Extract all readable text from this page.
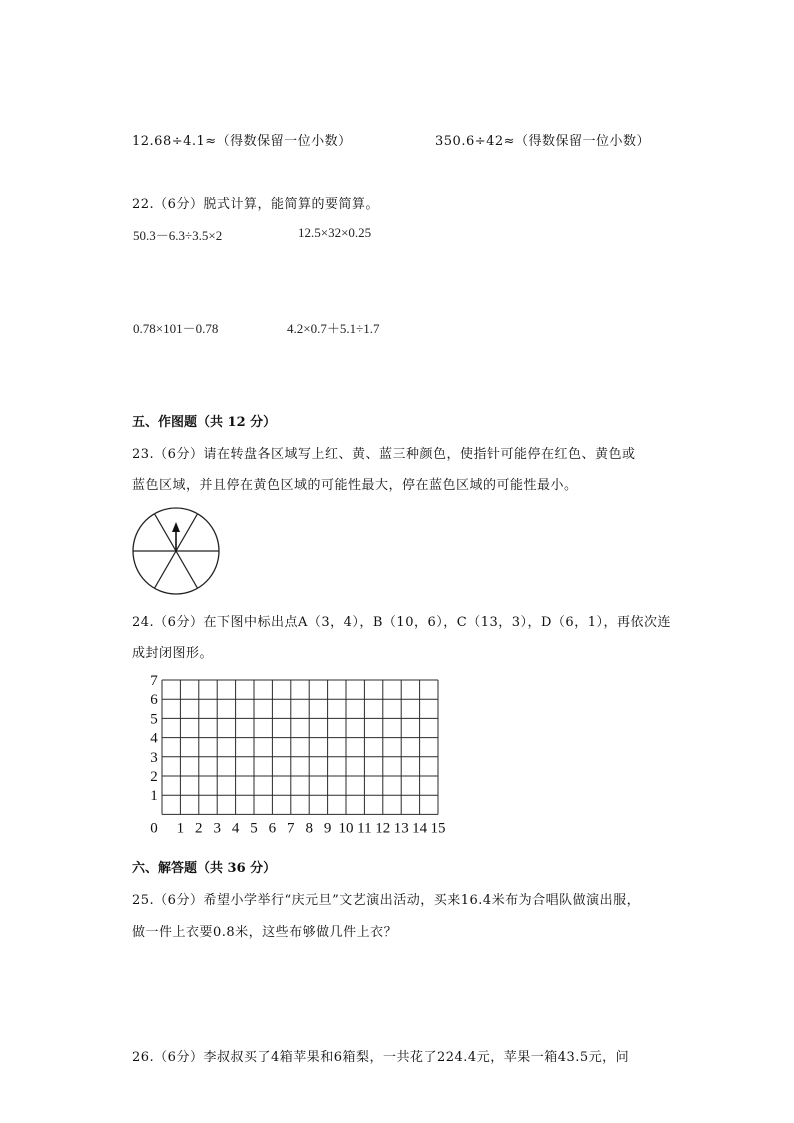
12.68÷4.1≈（得数保留一位小数）	350.6÷42≈（得数保留一位小数）
22.（6分）脱式计算，能简算的要简算。
50.3－6.3÷3.5×2	12.5×32×0.25
0.78×101－0.78	4.2×0.7＋5.1÷1.7
五、作图题（共 12 分）
23.（6分）请在转盘各区域写上红、黄、蓝三种颜色，使指针可能停在红色、黄色或
蓝色区域，并且停在黄色区域的可能性最大，停在蓝色区域的可能性最小。
24.（6分）在下图中标出点A（3，4），B（10，6），C（13，3），D（6，1），再依次连
成封闭图形。
0 1 2 3 4 5 6 7 8 9 10 11 12 13 14 15
1
2
3
4
5
6
7
六、解答题（共 36 分）
25.（6分）希望小学举行“庆元旦”文艺演出活动，买来16.4米布为合唱队做演出服，
做一件上衣要0.8米，这些布够做几件上衣？
26.（6分）李叔叔买了4箱苹果和6箱梨，一共花了224.4元，苹果一箱43.5元，问
